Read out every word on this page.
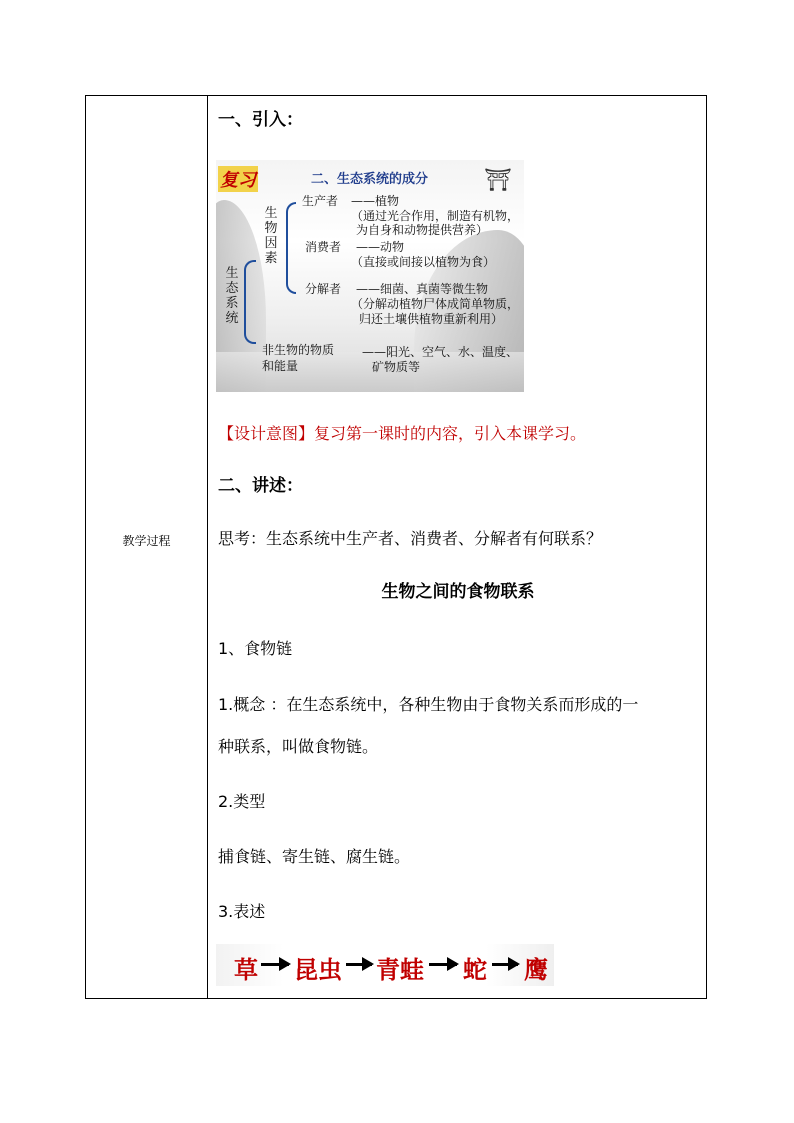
教学过程
一、引入：
复习	二、生态系统的成分	⛩
生态系统
生物因素
生产者 ——植物
（通过光合作用，制造有机物，
为自身和动物提供营养）
消费者 ——动物
（直接或间接以植物为食）
分解者 ——细菌、真菌等微生物
（分解动植物尸体成简单物质，
归还土壤供植物重新利用）
非生物的物质
和能量
——阳光、空气、水、温度、
矿物质等
【设计意图】复习第一课时的内容，引入本课学习。
二、讲述：
思考：生态系统中生产者、消费者、分解者有何联系？
生物之间的食物联系
1、食物链
1.概念 ：在生态系统中，各种生物由于食物关系而形成的一
种联系，叫做食物链。
2.类型
捕食链、寄生链、腐生链。
3.表述
草 昆虫 青蛙 蛇 鹰
